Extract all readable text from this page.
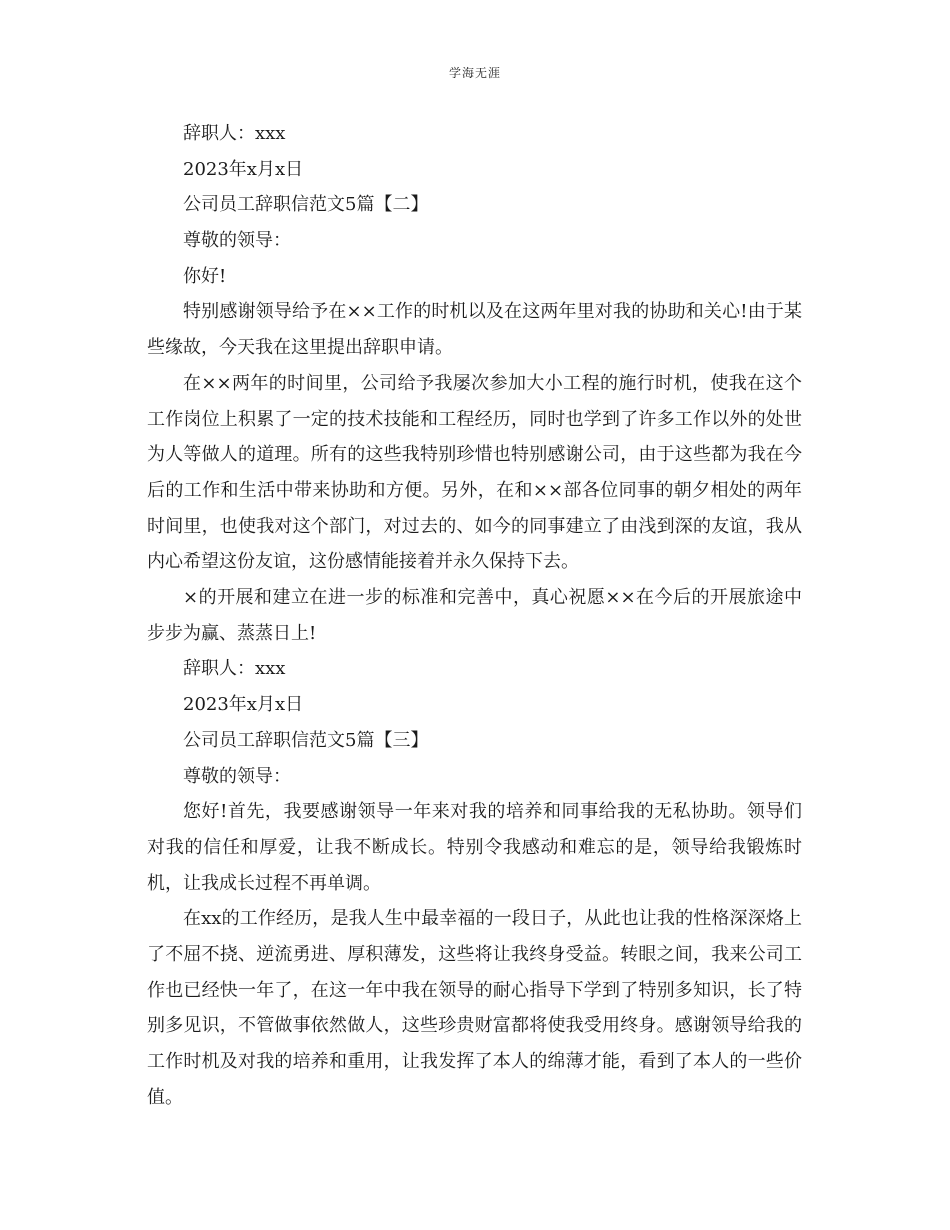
学海无涯
辞职人：xxx
2023年x月x日
公司员工辞职信范文5篇【二】
尊敬的领导：
你好!

特别感谢领导给予在××工作的时机以及在这两年里对我的协助和关心!由于某些缘故，今天我在这里提出辞职申请。

在××两年的时间里，公司给予我屡次参加大小工程的施行时机，使我在这个工作岗位上积累了一定的技术技能和工程经历，同时也学到了许多工作以外的处世为人等做人的道理。所有的这些我特别珍惜也特别感谢公司，由于这些都为我在今后的工作和生活中带来协助和方便。另外，在和××部各位同事的朝夕相处的两年时间里，也使我对这个部门，对过去的、如今的同事建立了由浅到深的友谊，我从内心希望这份友谊，这份感情能接着并永久保持下去。

×的开展和建立在进一步的标准和完善中，真心祝愿××在今后的开展旅途中步步为赢、蒸蒸日上!

辞职人：xxx
2023年x月x日
公司员工辞职信范文5篇【三】
尊敬的领导：

您好!首先，我要感谢领导一年来对我的培养和同事给我的无私协助。领导们对我的信任和厚爱，让我不断成长。特别令我感动和难忘的是，领导给我锻炼时机，让我成长过程不再单调。

在xx的工作经历，是我人生中最幸福的一段日子，从此也让我的性格深深烙上了不屈不挠、逆流勇进、厚积薄发，这些将让我终身受益。转眼之间，我来公司工作也已经快一年了，在这一年中我在领导的耐心指导下学到了特别多知识，长了特别多见识，不管做事依然做人，这些珍贵财富都将使我受用终身。感谢领导给我的工作时机及对我的培养和重用，让我发挥了本人的绵薄才能，看到了本人的一些价值。
